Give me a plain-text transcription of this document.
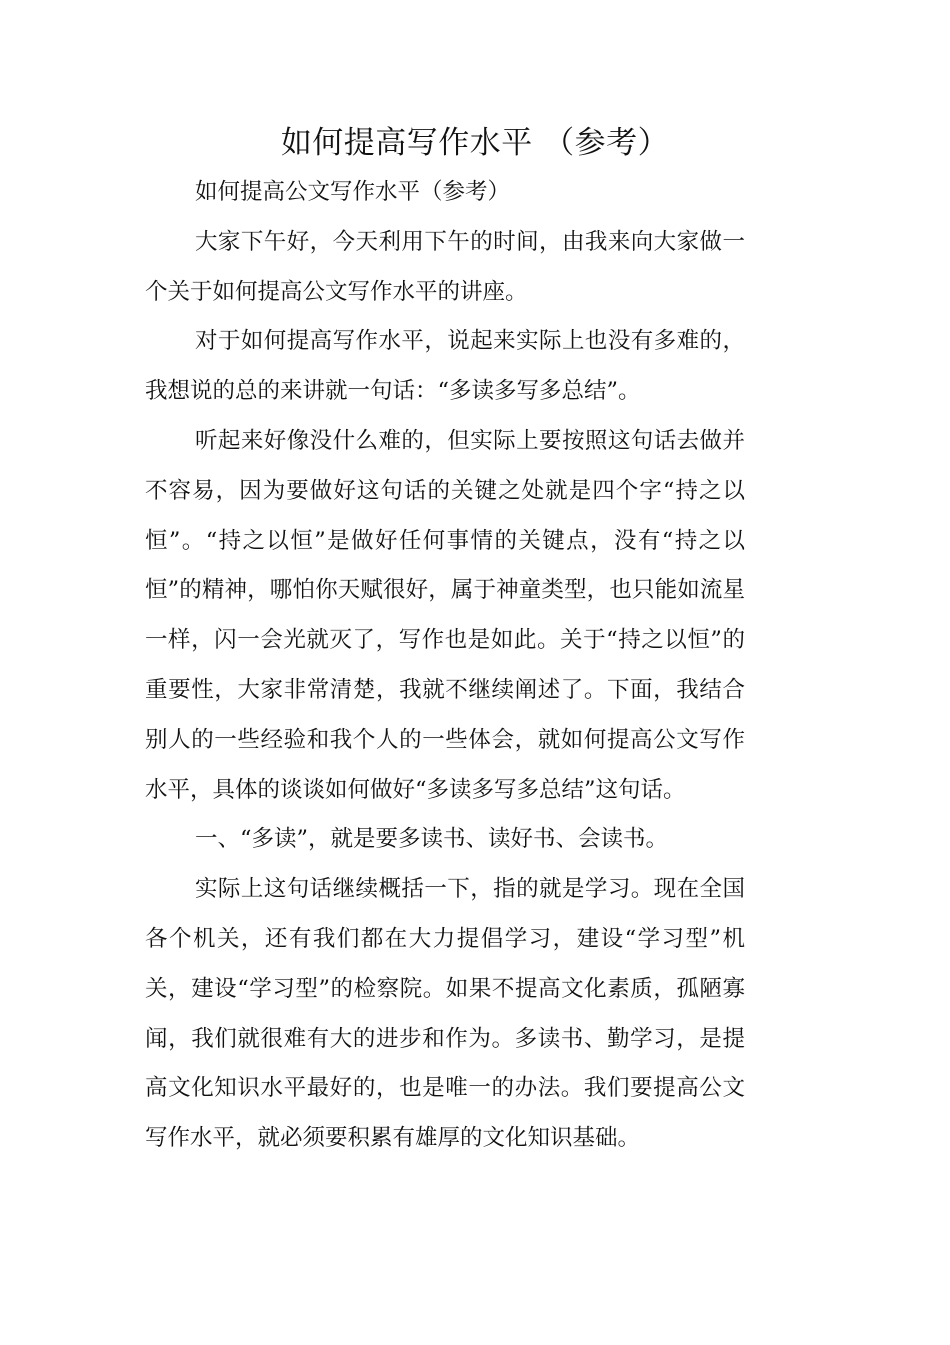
如何提高写作水平 （参考）

如何提高公文写作水平（参考）

大家下午好，今天利用下午的时间，由我来向大家做一个关于如何提高公文写作水平的讲座。

对于如何提高写作水平，说起来实际上也没有多难的，我想说的总的来讲就一句话：“多读多写多总结”。

听起来好像没什么难的，但实际上要按照这句话去做并不容易，因为要做好这句话的关键之处就是四个字“持之以恒”。“持之以恒”是做好任何事情的关键点，没有“持之以恒”的精神，哪怕你天赋很好，属于神童类型，也只能如流星一样，闪一会光就灭了，写作也是如此。关于“持之以恒”的重要性，大家非常清楚，我就不继续阐述了。下面，我结合别人的一些经验和我个人的一些体会，就如何提高公文写作水平，具体的谈谈如何做好“多读多写多总结”这句话。

一、“多读”，就是要多读书、读好书、会读书。

实际上这句话继续概括一下，指的就是学习。现在全国各个机关，还有我们都在大力提倡学习，建设“学习型”机关，建设“学习型”的检察院。如果不提高文化素质，孤陋寡闻，我们就很难有大的进步和作为。多读书、勤学习，是提高文化知识水平最好的，也是唯一的办法。我们要提高公文写作水平，就必须要积累有雄厚的文化知识基础。
